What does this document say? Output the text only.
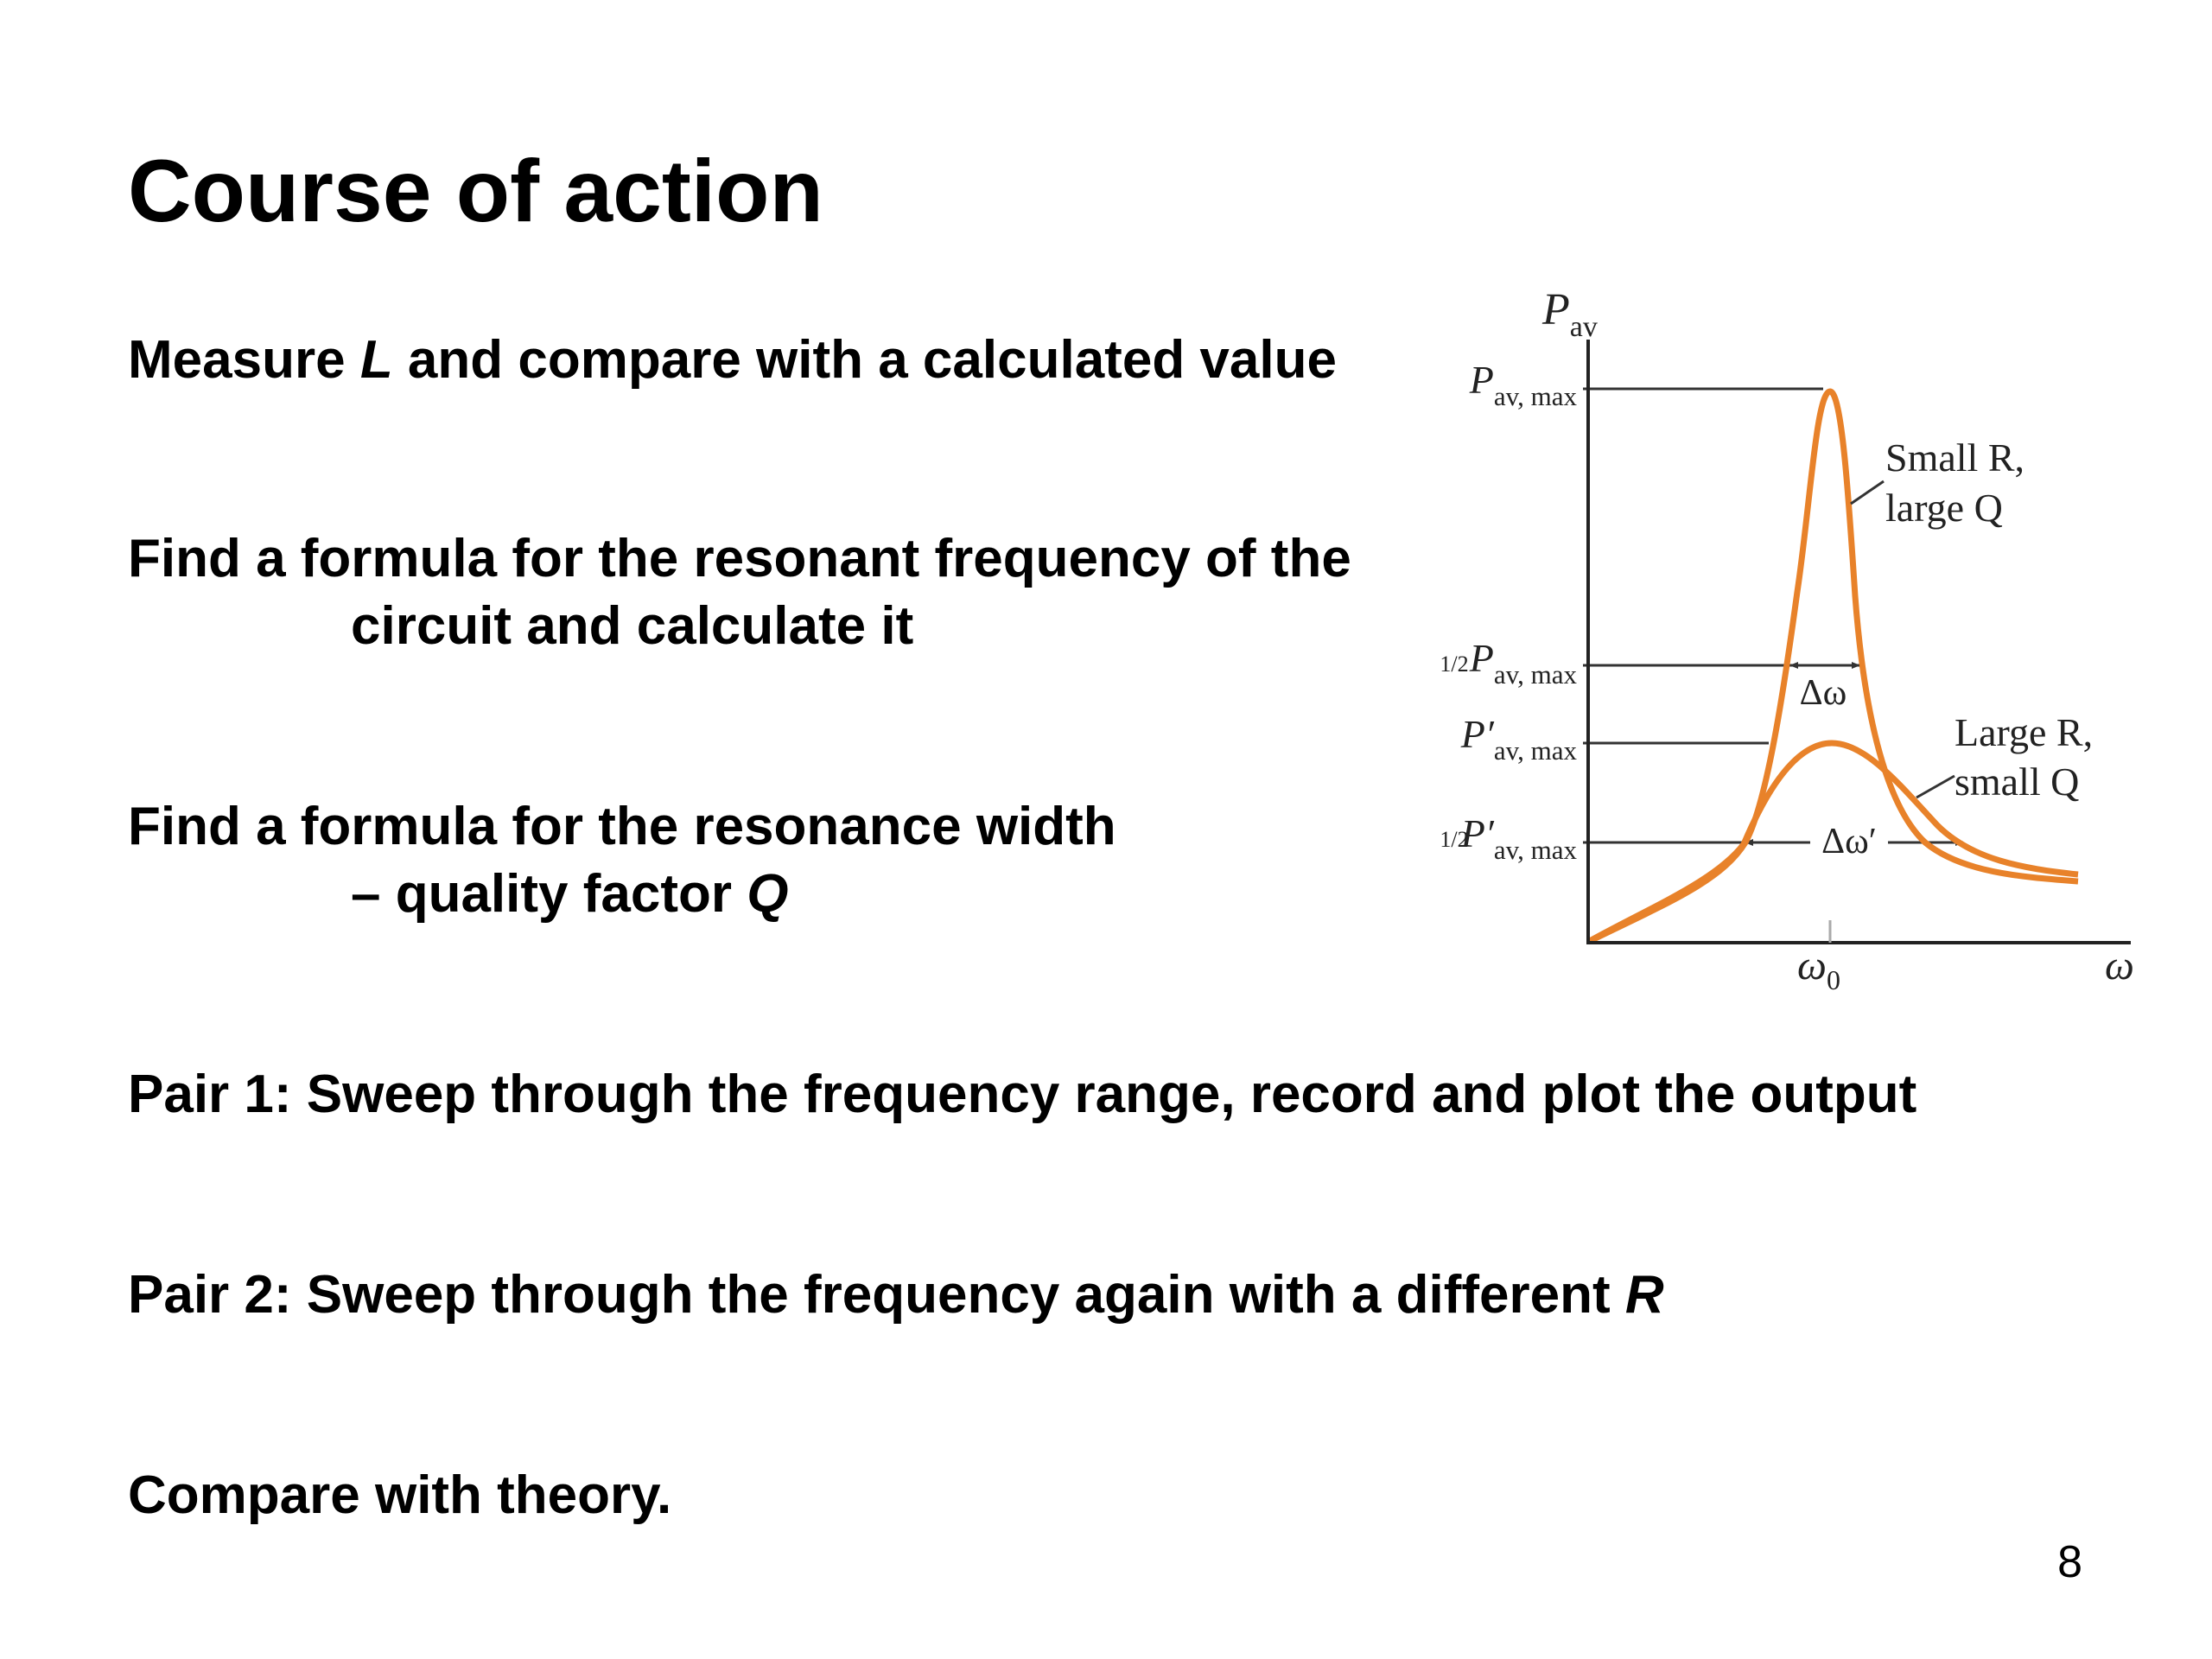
Course of action

Measure L and compare with a calculated value

Find a formula for the resonant frequency of the
circuit and calculate it

Find a formula for the resonance width
– quality factor Q

Pair 1: Sweep through the frequency range, record and plot the output

Pair 2: Sweep through the frequency again with a different R

Compare with theory.

8
$P_{av}$
$P_{av, max}$
1/2 $P_{av, max}$
$P'_{av, max}$
1/2
$P'_{av, max}$
Δω
Δω′
Small R,
large Q
Large R,
small Q
$\omega_0$	ω
